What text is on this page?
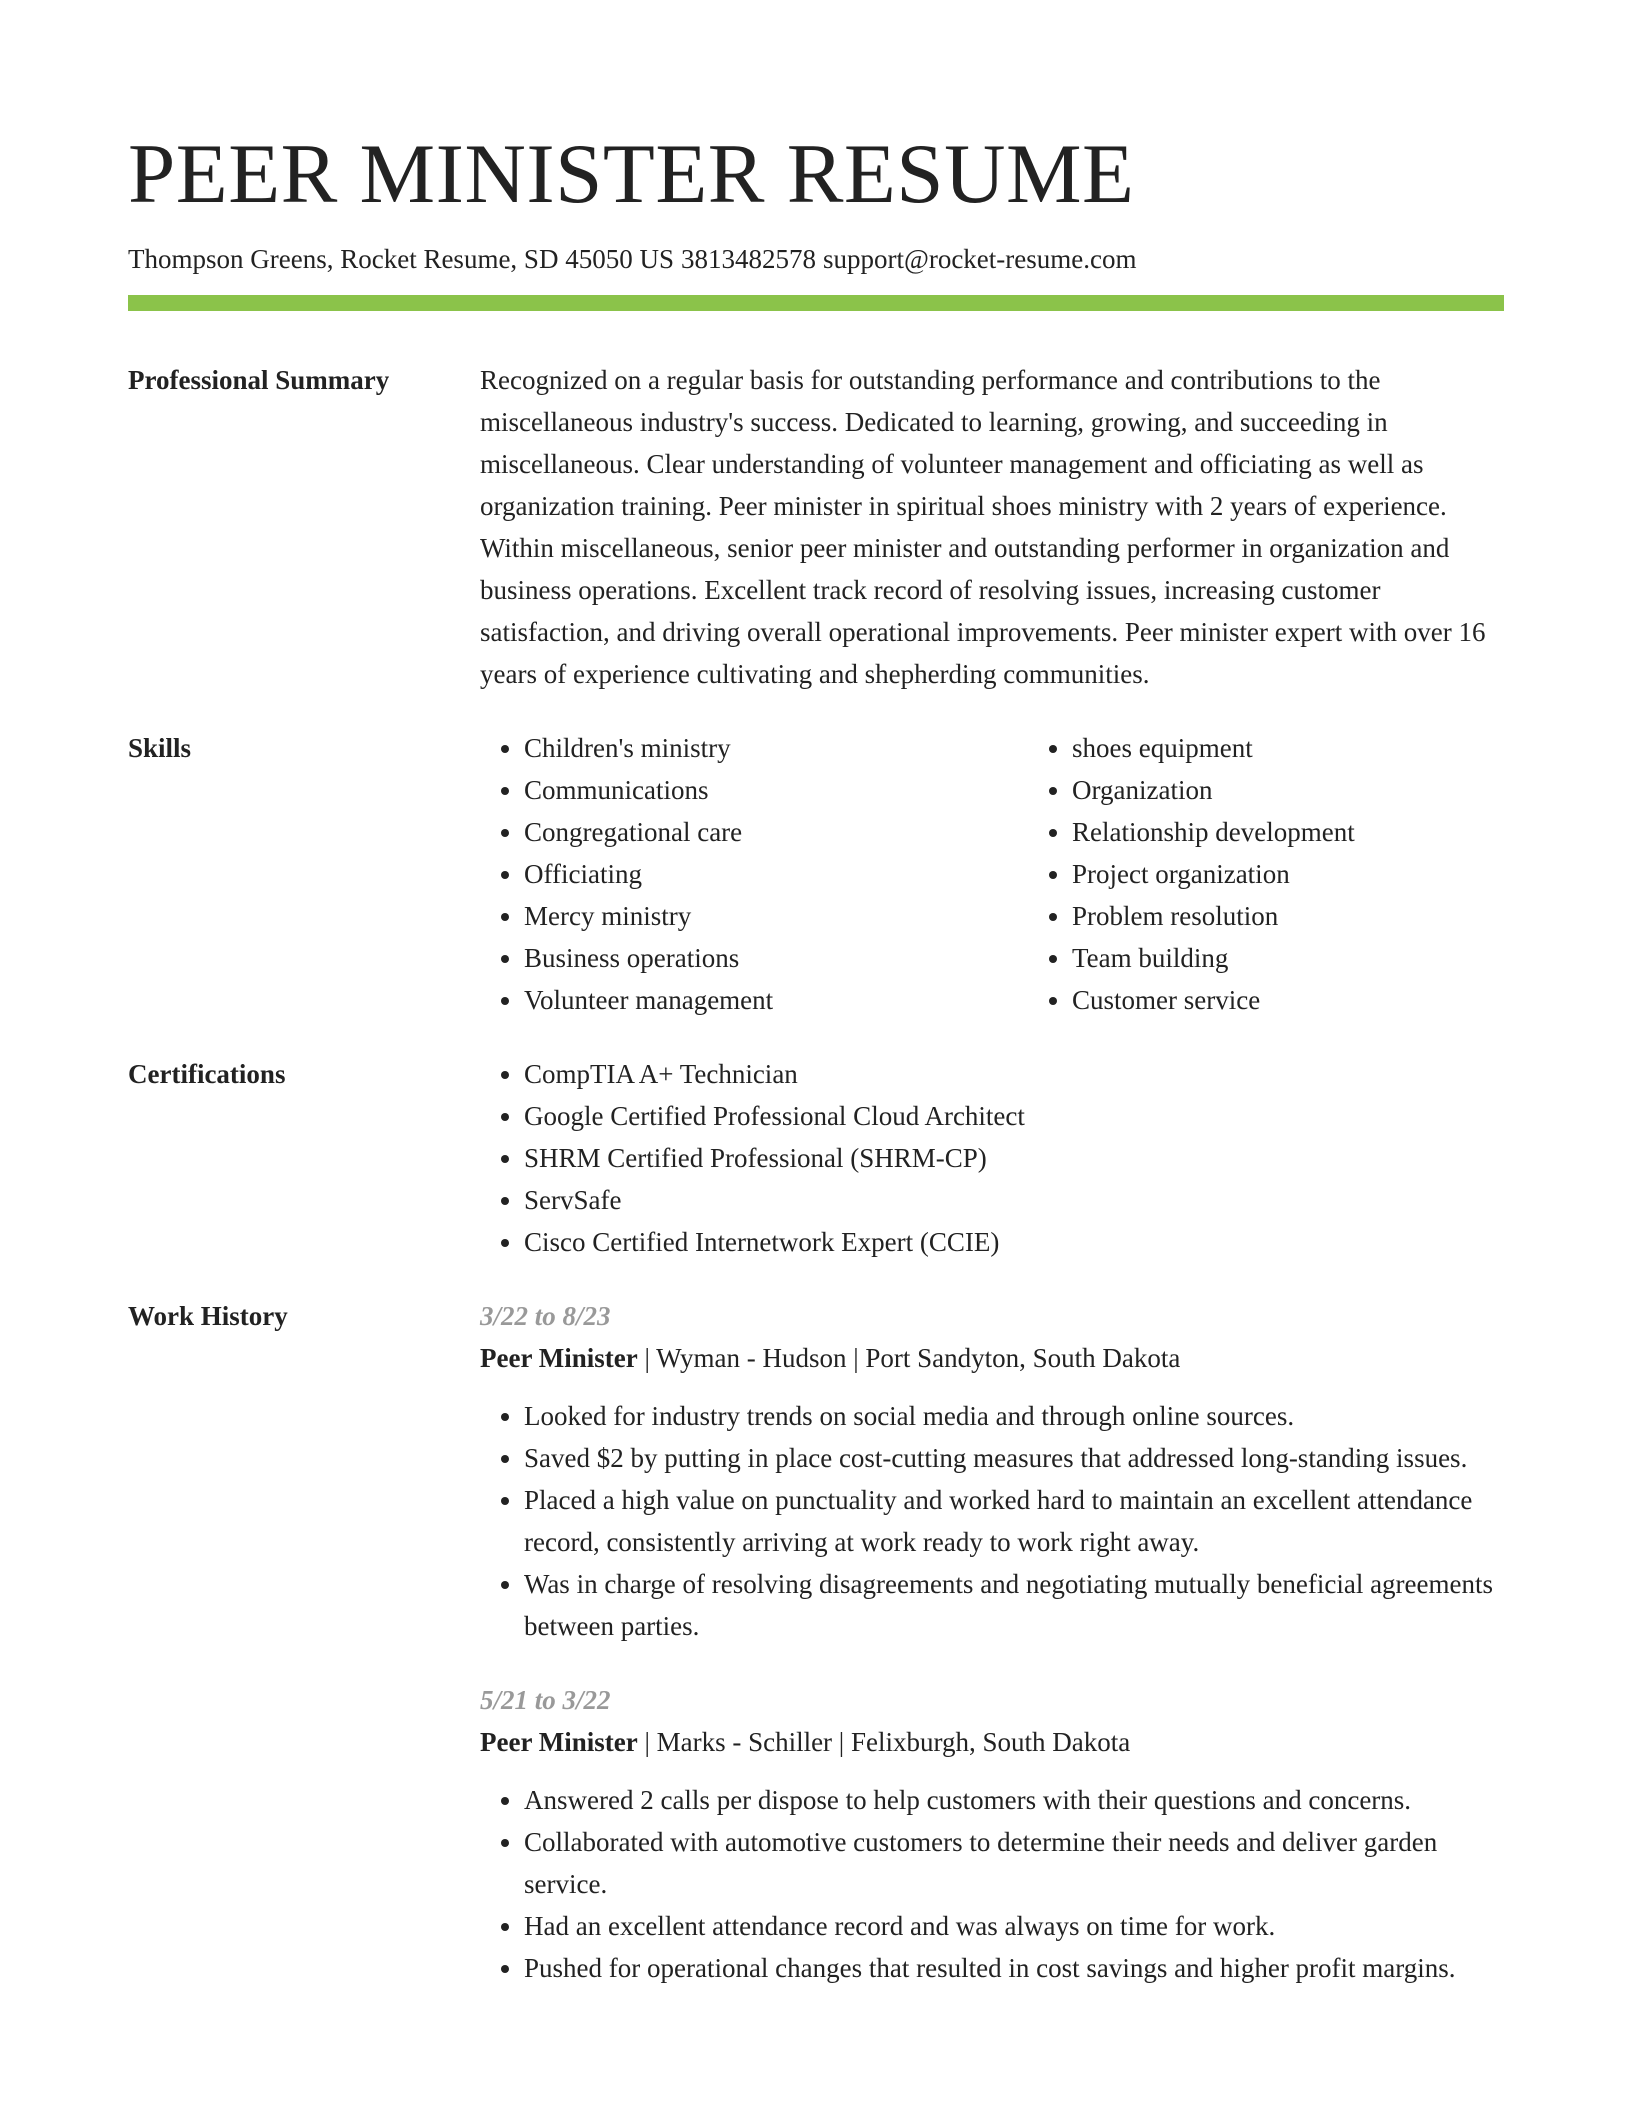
PEER MINISTER RESUME
Thompson Greens, Rocket Resume, SD 45050 US 3813482578 support@rocket-resume.com
Professional Summary	Recognized on a regular basis for outstanding performance and contributions to the miscellaneous industry's success. Dedicated to learning, growing, and succeeding in miscellaneous. Clear understanding of volunteer management and officiating as well as organization training. Peer minister in spiritual shoes ministry with 2 years of experience. Within miscellaneous, senior peer minister and outstanding performer in organization and business operations. Excellent track record of resolving issues, increasing customer satisfaction, and driving overall operational improvements. Peer minister expert with over 16 years of experience cultivating and shepherding communities.

Skills	• Children's ministry
• Communications
• Congregational care
• Officiating
• Mercy ministry
• Business operations
• Volunteer management
• shoes equipment
• Organization
• Relationship development
• Project organization
• Problem resolution
• Team building
• Customer service
Certifications	• CompTIA A+ Technician
• Google Certified Professional Cloud Architect
• SHRM Certified Professional (SHRM-CP)
• ServSafe
• Cisco Certified Internetwork Expert (CCIE)
Work History	3/22 to 8/23
Peer Minister | Wyman - Hudson | Port Sandyton, South Dakota
• Looked for industry trends on social media and through online sources.
• Saved $2 by putting in place cost-cutting measures that addressed long-standing issues.
• Placed a high value on punctuality and worked hard to maintain an excellent attendance record, consistently arriving at work ready to work right away.
• Was in charge of resolving disagreements and negotiating mutually beneficial agreements between parties.
5/21 to 3/22
Peer Minister | Marks - Schiller | Felixburgh, South Dakota
• Answered 2 calls per dispose to help customers with their questions and concerns.
• Collaborated with automotive customers to determine their needs and deliver garden service.
• Had an excellent attendance record and was always on time for work.
• Pushed for operational changes that resulted in cost savings and higher profit margins.
